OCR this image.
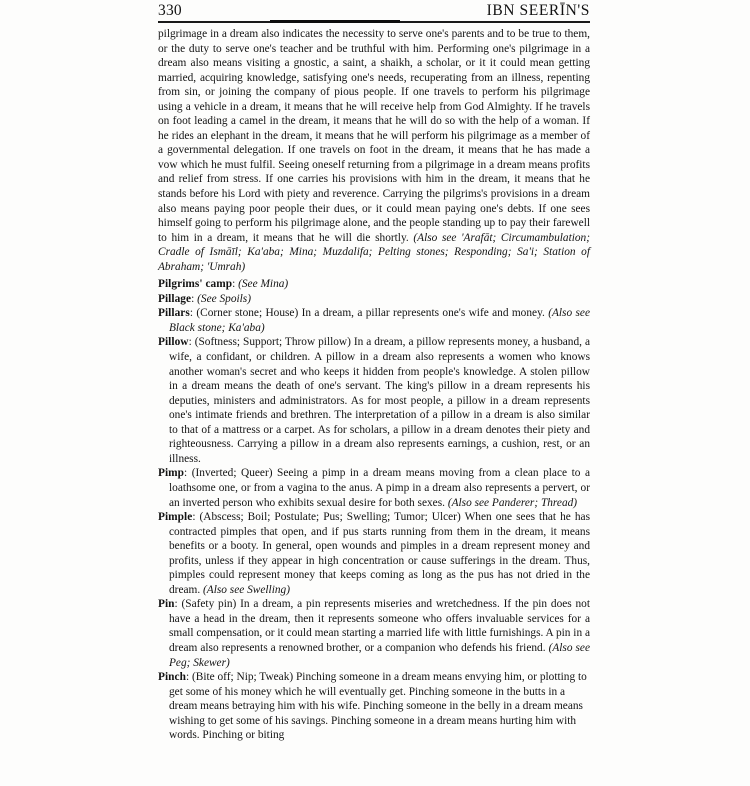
330	IBN SEERĪN'S

pilgrimage in a dream also indicates the necessity to serve one's parents and to be true to them, or the duty to serve one's teacher and be truthful with him. Performing one's pilgrimage in a dream also means visiting a gnostic, a saint, a shaikh, a scholar, or it it could mean getting married, acquiring knowledge, satisfying one's needs, recuperating from an illness, repenting from sin, or joining the company of pious people. If one travels to perform his pilgrimage using a vehicle in a dream, it means that he will receive help from God Almighty. If he travels on foot leading a camel in the dream, it means that he will do so with the help of a woman. If he rides an elephant in the dream, it means that he will perform his pilgrimage as a member of a governmental delegation. If one travels on foot in the dream, it means that he has made a vow which he must fulfil. Seeing oneself returning from a pilgrimage in a dream means profits and relief from stress. If one carries his provisions with him in the dream, it means that he stands before his Lord with piety and reverence. Carrying the pilgrims's provisions in a dream also means paying poor people their dues, or it could mean paying one's debts. If one sees himself going to perform his pilgrimage alone, and the people standing up to pay their farewell to him in a dream, it means that he will die shortly. (Also see 'Arafāt; Circumambulation; Cradle of Ismāīl; Ka'aba; Mina; Muzdalifa; Pelting stones; Responding; Sa'i; Station of Abraham; 'Umrah)

Pilgrims' camp: (See Mina)

Pillage: (See Spoils)

Pillars: (Corner stone; House) In a dream, a pillar represents one's wife and money. (Also see Black stone; Ka'aba)

Pillow: (Softness; Support; Throw pillow) In a dream, a pillow represents money, a husband, a wife, a confidant, or children. A pillow in a dream also represents a women who knows another woman's secret and who keeps it hidden from people's knowledge. A stolen pillow in a dream means the death of one's servant. The king's pillow in a dream represents his deputies, ministers and administrators. As for most people, a pillow in a dream represents one's intimate friends and brethren. The interpretation of a pillow in a dream is also similar to that of a mattress or a carpet. As for scholars, a pillow in a dream denotes their piety and righteousness. Carrying a pillow in a dream also represents earnings, a cushion, rest, or an illness.

Pimp: (Inverted; Queer) Seeing a pimp in a dream means moving from a clean place to a loathsome one, or from a vagina to the anus. A pimp in a dream also represents a pervert, or an inverted person who exhibits sexual desire for both sexes. (Also see Panderer; Thread)

Pimple: (Abscess; Boil; Postulate; Pus; Swelling; Tumor; Ulcer) When one sees that he has contracted pimples that open, and if pus starts running from them in the dream, it means benefits or a booty. In general, open wounds and pimples in a dream represent money and profits, unless if they appear in high concentration or cause sufferings in the dream. Thus, pimples could represent money that keeps coming as long as the pus has not dried in the dream. (Also see Swelling)

Pin: (Safety pin) In a dream, a pin represents miseries and wretchedness. If the pin does not have a head in the dream, then it represents someone who offers invaluable services for a small compensation, or it could mean starting a married life with little furnishings. A pin in a dream also represents a renowned brother, or a companion who defends his friend. (Also see Peg; Skewer)

Pinch: (Bite off; Nip; Tweak) Pinching someone in a dream means envying him, or plotting to get some of his money which he will eventually get. Pinching someone in the butts in a dream means betraying him with his wife. Pinching someone in the belly in a dream means wishing to get some of his savings. Pinching someone in a dream means hurting him with words. Pinching or biting
